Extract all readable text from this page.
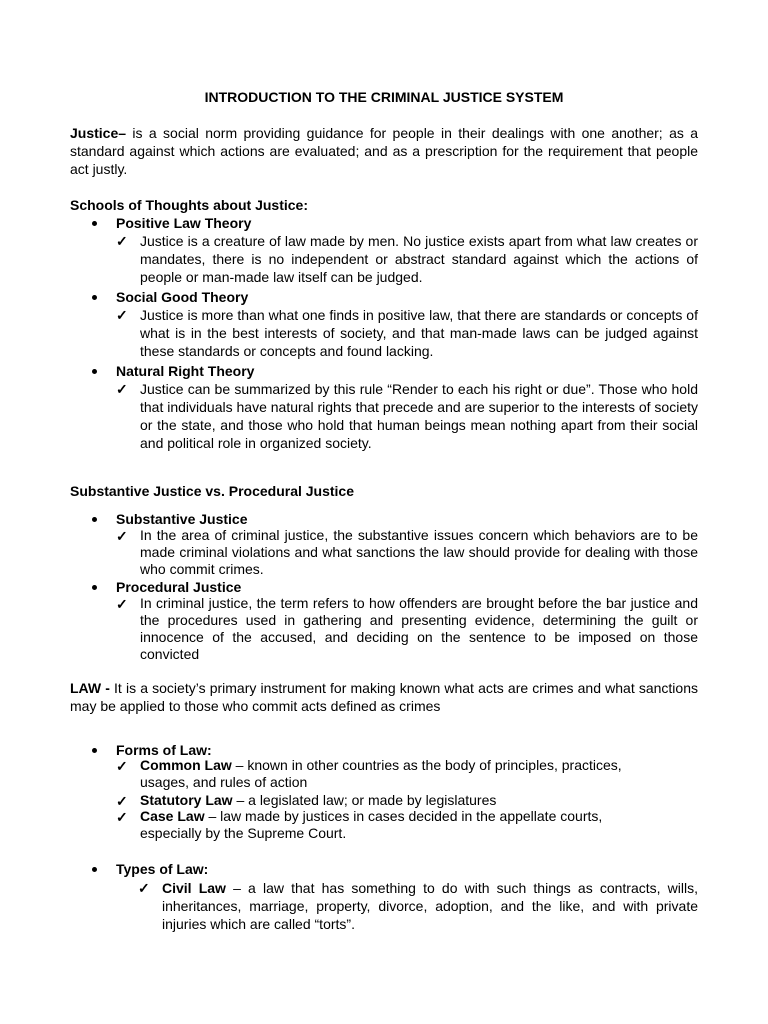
INTRODUCTION TO THE CRIMINAL JUSTICE SYSTEM
Justice– is a social norm providing guidance for people in their dealings with one another; as a standard against which actions are evaluated; and as a prescription for the requirement that people act justly.
Schools of Thoughts about Justice:
Positive Law Theory
✓ Justice is a creature of law made by men. No justice exists apart from what law creates or mandates, there is no independent or abstract standard against which the actions of people or man-made law itself can be judged.
Social Good Theory
✓ Justice is more than what one finds in positive law, that there are standards or concepts of what is in the best interests of society, and that man-made laws can be judged against these standards or concepts and found lacking.
Natural Right Theory
✓ Justice can be summarized by this rule “Render to each his right or due”. Those who hold that individuals have natural rights that precede and are superior to the interests of society or the state, and those who hold that human beings mean nothing apart from their social and political role in organized society.
Substantive Justice vs. Procedural Justice
Substantive Justice
✓ In the area of criminal justice, the substantive issues concern which behaviors are to be made criminal violations and what sanctions the law should provide for dealing with those who commit crimes.
Procedural Justice
✓ In criminal justice, the term refers to how offenders are brought before the bar justice and the procedures used in gathering and presenting evidence, determining the guilt or innocence of the accused, and deciding on the sentence to be imposed on those convicted
LAW - It is a society’s primary instrument for making known what acts are crimes and what sanctions may be applied to those who commit acts defined as crimes
Forms of Law:
✓ Common Law – known in other countries as the body of principles, practices, usages, and rules of action
✓ Statutory Law – a legislated law; or made by legislatures
✓ Case Law – law made by justices in cases decided in the appellate courts, especially by the Supreme Court.
Types of Law:
✓ Civil Law – a law that has something to do with such things as contracts, wills, inheritances, marriage, property, divorce, adoption, and the like, and with private injuries which are called “torts”.
